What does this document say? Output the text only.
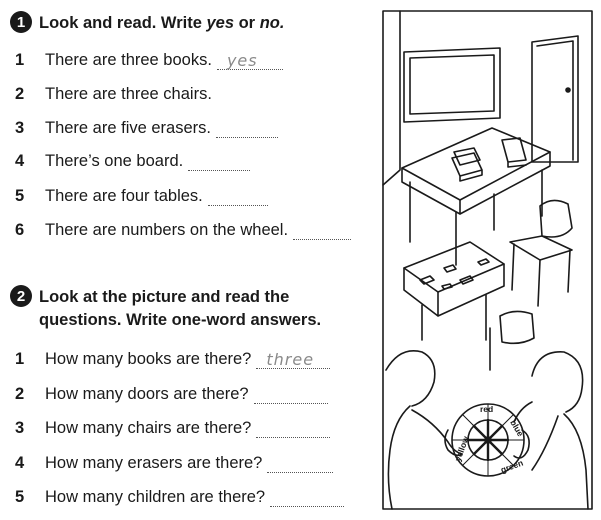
1 Look and read. Write yes or no.
1	There are three books. yes
2	There are three chairs.
3	There are five erasers.
4	There’s one board.
5	There are four tables.
6	There are numbers on the wheel.
2 Look at the picture and read the
questions. Write one-word answers.
1	How many books are there? three
2	How many doors are there?
3	How many chairs are there?
4	How many erasers are there?
5	How many children are there?
red
blue
green
yellow
